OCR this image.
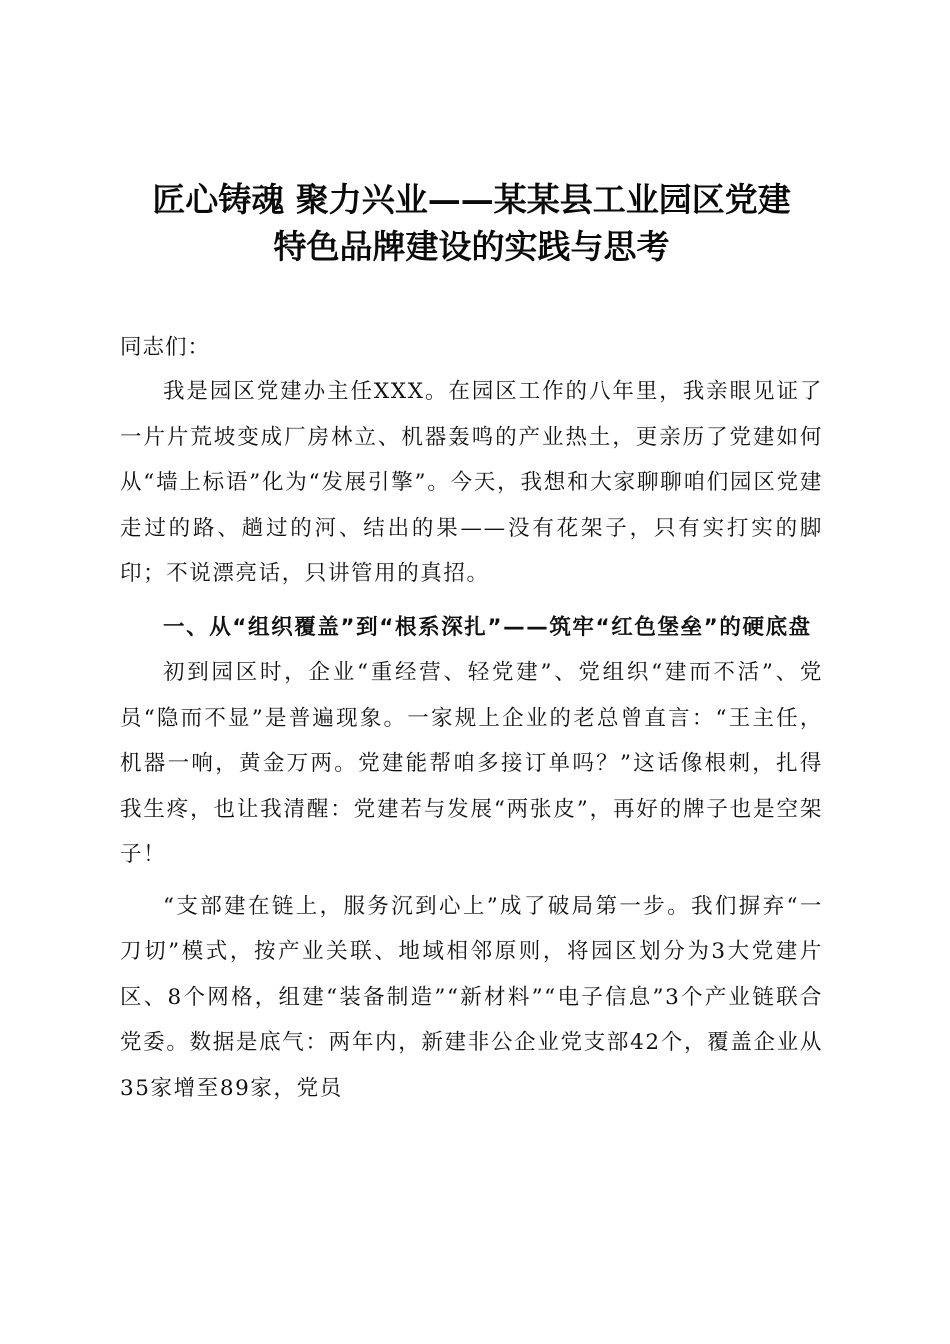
匠心铸魂 聚力兴业——某某县工业园区党建
特色品牌建设的实践与思考

同志们：

我是园区党建办主任XXX。在园区工作的八年里，我亲眼见证了一片片荒坡变成厂房林立、机器轰鸣的产业热土，更亲历了党建如何从“墙上标语”化为“发展引擎”。今天，我想和大家聊聊咱们园区党建走过的路、趟过的河、结出的果——没有花架子，只有实打实的脚印；不说漂亮话，只讲管用的真招。

一、从“组织覆盖”到“根系深扎”——筑牢“红色堡垒”的硬底盘

初到园区时，企业“重经营、轻党建”、党组织“建而不活”、党员“隐而不显”是普遍现象。一家规上企业的老总曾直言：“王主任，机器一响，黄金万两。党建能帮咱多接订单吗？”这话像根刺，扎得我生疼，也让我清醒：党建若与发展“两张皮”，再好的牌子也是空架子！

“支部建在链上，服务沉到心上”成了破局第一步。我们摒弃“一刀切”模式，按产业关联、地域相邻原则，将园区划分为3大党建片区、8个网格，组建“装备制造”“新材料”“电子信息”3个产业链联合党委。数据是底气：两年内，新建非公企业党支部42个，覆盖企业从35家增至89家，党员
